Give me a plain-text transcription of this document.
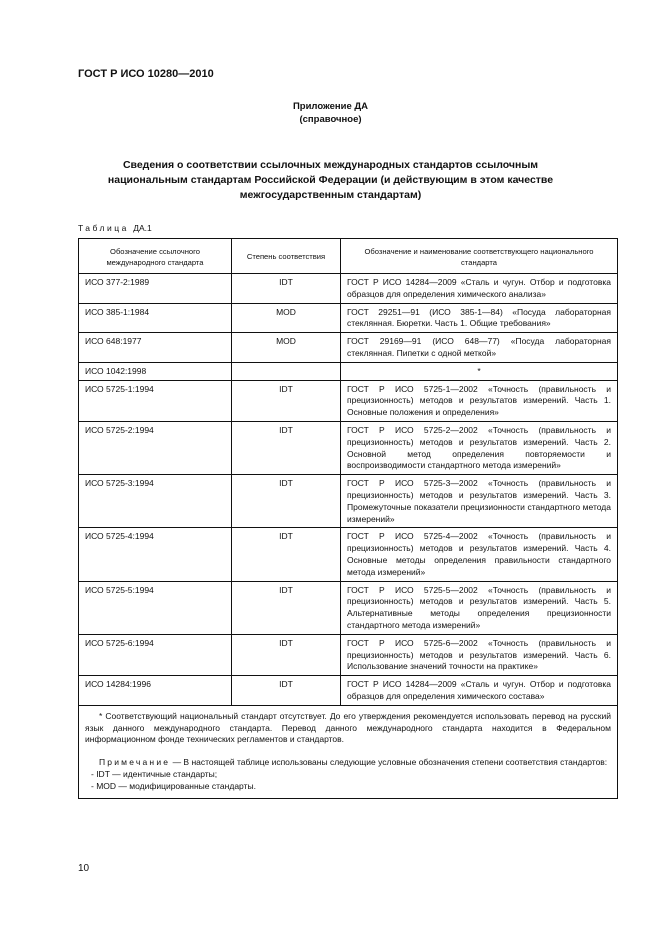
ГОСТ Р ИСО 10280—2010
Приложение ДА
(справочное)
Сведения о соответствии ссылочных международных стандартов ссылочным национальным стандартам Российской Федерации (и действующим в этом качестве межгосударственным стандартам)
Таблица ДА.1
Обозначение ссылочного международного стандарта	Степень соответствия	Обозначение и наименование соответствующего национального стандарта
ИСО 377-2:1989	IDT	ГОСТ Р ИСО 14284—2009 «Сталь и чугун. Отбор и подготовка образцов для определения химического анализа»
ИСО 385-1:1984	MOD	ГОСТ 29251—91 (ИСО 385-1—84) «Посуда лабораторная стеклянная. Бюретки. Часть 1. Общие требования»
ИСО 648:1977	MOD	ГОСТ 29169—91 (ИСО 648—77) «Посуда лабораторная стеклянная. Пипетки с одной меткой»
ИСО 1042:1998		*
ИСО 5725-1:1994	IDT	ГОСТ Р ИСО 5725-1—2002 «Точность (правильность и прецизионность) методов и результатов измерений. Часть 1. Основные положения и определения»
ИСО 5725-2:1994	IDT	ГОСТ Р ИСО 5725-2—2002 «Точность (правильность и прецизионность) методов и результатов измерений. Часть 2. Основной метод определения повторяемости и воспроизводимости стандартного метода измерений»
ИСО 5725-3:1994	IDT	ГОСТ Р ИСО 5725-3—2002 «Точность (правильность и прецизионность) методов и результатов измерений. Часть 3. Промежуточные показатели прецизионности стандартного метода измерений»
ИСО 5725-4:1994	IDT	ГОСТ Р ИСО 5725-4—2002 «Точность (правильность и прецизионность) методов и результатов измерений. Часть 4. Основные методы определения правильности стандартного метода измерений»
ИСО 5725-5:1994	IDT	ГОСТ Р ИСО 5725-5—2002 «Точность (правильность и прецизионность) методов и результатов измерений. Часть 5. Альтернативные методы определения прецизионности стандартного метода измерений»
ИСО 5725-6:1994	IDT	ГОСТ Р ИСО 5725-6—2002 «Точность (правильность и прецизионность) методов и результатов измерений. Часть 6. Использование значений точности на практике»
ИСО 14284:1996	IDT	ГОСТ Р ИСО 14284—2009 «Сталь и чугун. Отбор и подготовка образцов для определения химического состава»

* Соответствующий национальный стандарт отсутствует. До его утверждения рекомендуется использовать перевод на русский язык данного международного стандарта. Перевод данного международного стандарта находится в Федеральном информационном фонде технических регламентов и стандартов.

Примечание — В настоящей таблице использованы следующие условные обозначения степени соответствия стандартов:

- IDT — идентичные стандарты;

- MOD — модифицированные стандарты.		

10
